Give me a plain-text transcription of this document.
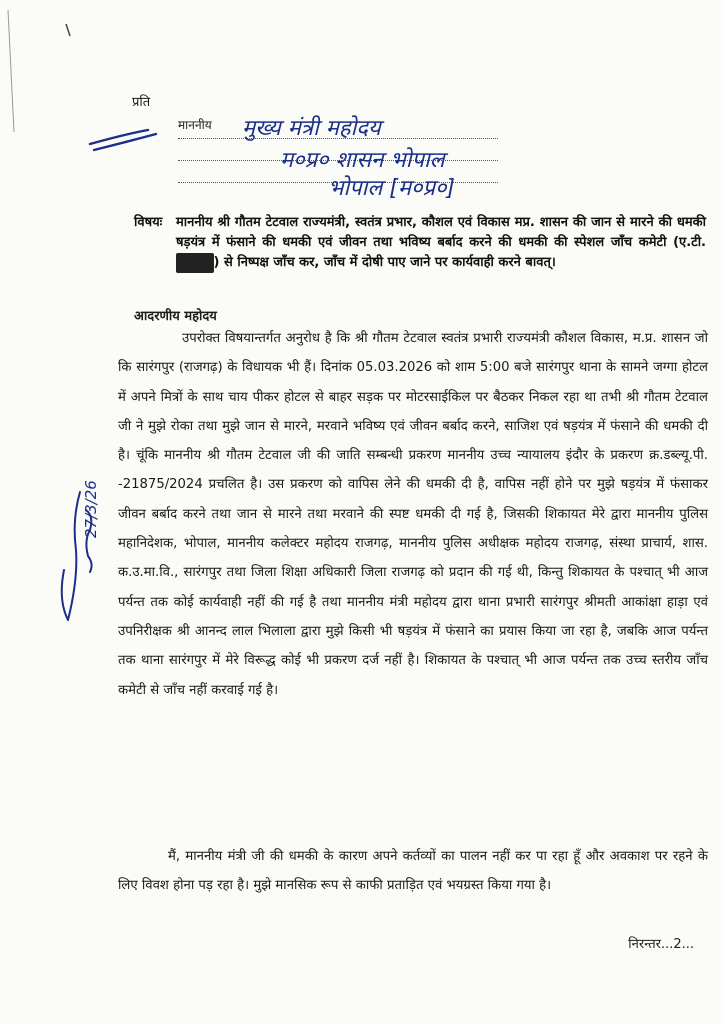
प्रति
माननीय मुख्य मंत्री महोदय
म०प्र० शासन भोपाल
भोपाल [म०प्र०]
विषयः माननीय श्री गौतम टेटवाल राज्यमंत्री, स्वतंत्र प्रभार, कौशल एवं विकास मप्र. शासन की जान से मारने की धमकी षड़यंत्र में फंसाने की धमकी एवं जीवन तथा भविष्य बर्बाद करने की धमकी की स्पेशल जाँच कमेटी (ए.टी.xxxx ) से निष्पक्ष जाँच कर, जाँच में दोषी पाए जाने पर कार्यवाही करने बावत्।
आदरणीय महोदय
उपरोक्त विषयान्तर्गत अनुरोध है कि श्री गौतम टेटवाल स्वतंत्र प्रभारी राज्यमंत्री कौशल विकास, म.प्र. शासन जो कि सारंगपुर (राजगढ़) के विधायक भी हैं। दिनांक 05.03.2026 को शाम 5:00 बजे सारंगपुर थाना के सामने जग्गा होटल में अपने मित्रों के साथ चाय पीकर होटल से बाहर सड़क पर मोटरसाईकिल पर बैठकर निकल रहा था तभी श्री गौतम टेटवाल जी ने मुझे रोका तथा मुझे जान से मारने, मरवाने भविष्य एवं जीवन बर्बाद करने, साजिश एवं षड़यंत्र में फंसाने की धमकी दी है। चूंकि माननीय श्री गौतम टेटवाल जी की जाति सम्बन्धी प्रकरण माननीय उच्च न्यायालय इंदौर के प्रकरण क्र.डब्ल्यू.पी. -21875/2024 प्रचलित है। उस प्रकरण को वापिस लेने की धमकी दी है, वापिस नहीं होने पर मुझे षड़यंत्र में फंसाकर जीवन बर्बाद करने तथा जान से मारने तथा मरवाने की स्पष्ट धमकी दी गई है, जिसकी शिकायत मेरे द्वारा माननीय पुलिस महानिदेशक, भोपाल, माननीय कलेक्टर महोदय राजगढ़, माननीय पुलिस अधीक्षक महोदय राजगढ़, संस्था प्राचार्य, शास. क.उ.मा.वि., सारंगपुर तथा जिला शिक्षा अधिकारी जिला राजगढ़ को प्रदान की गई थी, किन्तु शिकायत के पश्चात् भी आज पर्यन्त तक कोई कार्यवाही नहीं की गई है तथा माननीय मंत्री महोदय द्वारा थाना प्रभारी सारंगपुर श्रीमती आकांक्षा हाड़ा एवं उपनिरीक्षक श्री आनन्द लाल भिलाला द्वारा मुझे किसी भी षड़यंत्र में फंसाने का प्रयास किया जा रहा है, जबकि आज पर्यन्त तक थाना सारंगपुर में मेरे विरूद्ध कोई भी प्रकरण दर्ज नहीं है। शिकायत के पश्चात् भी आज पर्यन्त तक उच्च स्तरीय जाँच कमेटी से जाँच नहीं करवाई गई है।
मैं, माननीय मंत्री जी की धमकी के कारण अपने कर्तव्यों का पालन नहीं कर पा रहा हूँ और अवकाश पर रहने के लिए विवश होना पड़ रहा है। मुझे मानसिक रूप से काफी प्रताड़ित एवं भयग्रस्त किया गया है।
निरन्तर...2...
27/3/26
